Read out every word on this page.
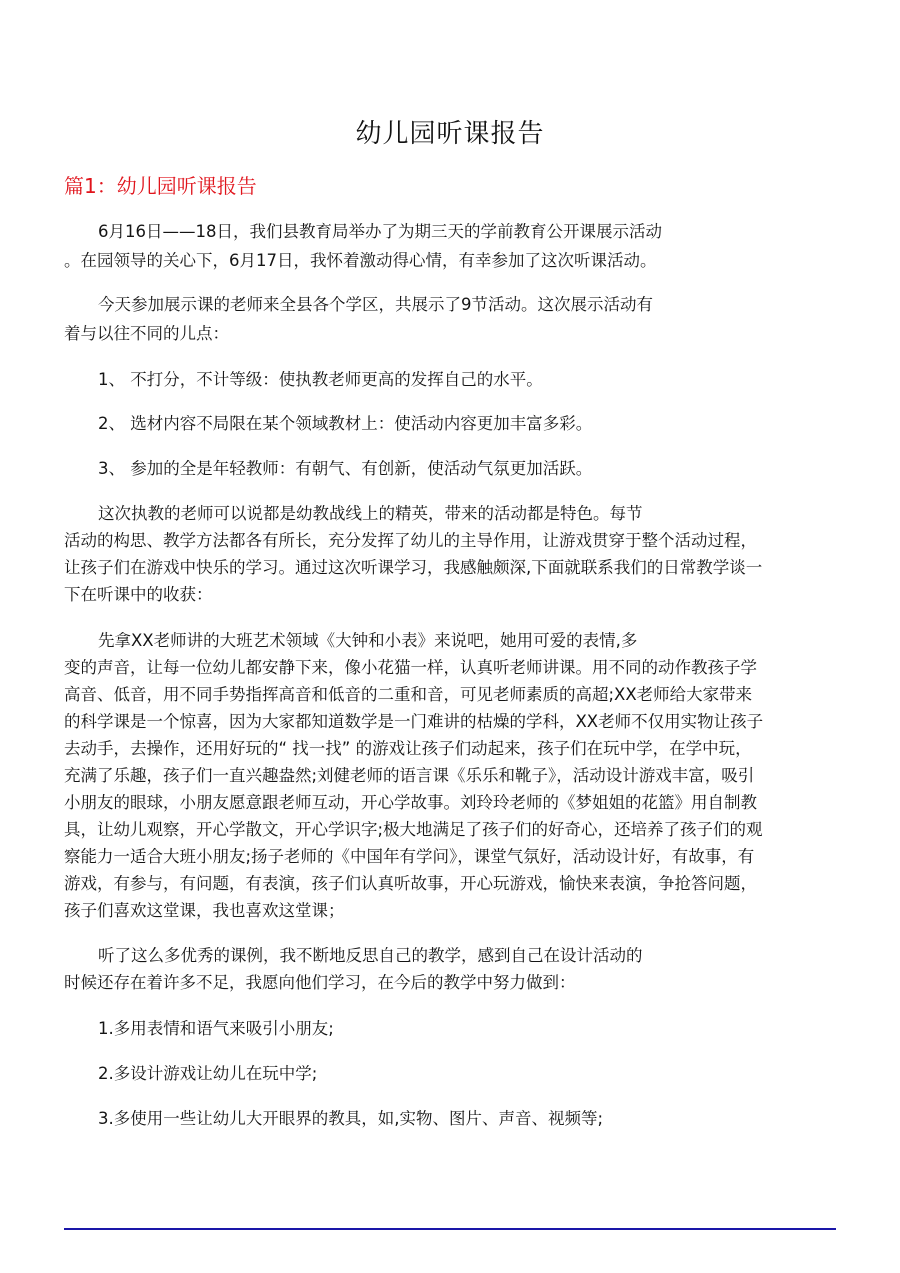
幼儿园听课报告
篇1：幼儿园听课报告
6月16日——18日，我们县教育局举办了为期三天的学前教育公开课展示活动
。在园领导的关心下，6月17日，我怀着激动得心情，有幸参加了这次听课活动。
今天参加展示课的老师来全县各个学区，共展示了9节活动。这次展示活动有
着与以往不同的儿点：
1、 不打分，不计等级：使执教老师更高的发挥自己的水平。
2、 选材内容不局限在某个领域教材上：使活动内容更加丰富多彩。
3、 参加的全是年轻教师：有朝气、有创新，使活动气氛更加活跃。
这次执教的老师可以说都是幼教战线上的精英，带来的活动都是特色。每节
活动的构思、教学方法都各有所长，充分发挥了幼儿的主导作用，让游戏贯穿于整个活动过程，
让孩子们在游戏中快乐的学习。通过这次听课学习，我感触颇深,下面就联系我们的日常教学谈一
下在听课中的收获：
先拿XX老师讲的大班艺术领域《大钟和小表》来说吧，她用可爱的表情,多
变的声音，让每一位幼儿都安静下来，像小花猫一样，认真听老师讲课。用不同的动作教孩子学
高音、低音，用不同手势指挥高音和低音的二重和音，可见老师素质的高超;XX老师给大家带来
的科学课是一个惊喜，因为大家都知道数学是一门难讲的枯燥的学科，XX老师不仅用实物让孩子
去动手，去操作，还用好玩的“ 找一找” 的游戏让孩子们动起来，孩子们在玩中学，在学中玩，
充满了乐趣，孩子们一直兴趣盎然;刘健老师的语言课《乐乐和靴子》，活动设计游戏丰富，吸引
小朋友的眼球，小朋友愿意跟老师互动，开心学故事。刘玲玲老师的《梦姐姐的花篮》用自制教
具，让幼儿观察，开心学散文，开心学识字;极大地满足了孩子们的好奇心，还培养了孩子们的观
察能力一适合大班小朋友;扬子老师的《中国年有学问》，课堂气氛好，活动设计好，有故事，有
游戏，有参与，有问题，有表演，孩子们认真听故事，开心玩游戏，愉快来表演，争抢答问题，
孩子们喜欢这堂课，我也喜欢这堂课；
听了这么多优秀的课例，我不断地反思自己的教学，感到自己在设计活动的
时候还存在着许多不足，我愿向他们学习，在今后的教学中努力做到：
1.多用表情和语气来吸引小朋友;
2.多设计游戏让幼儿在玩中学;
3.多使用一些让幼儿大开眼界的教具，如,实物、图片、声音、视频等;
